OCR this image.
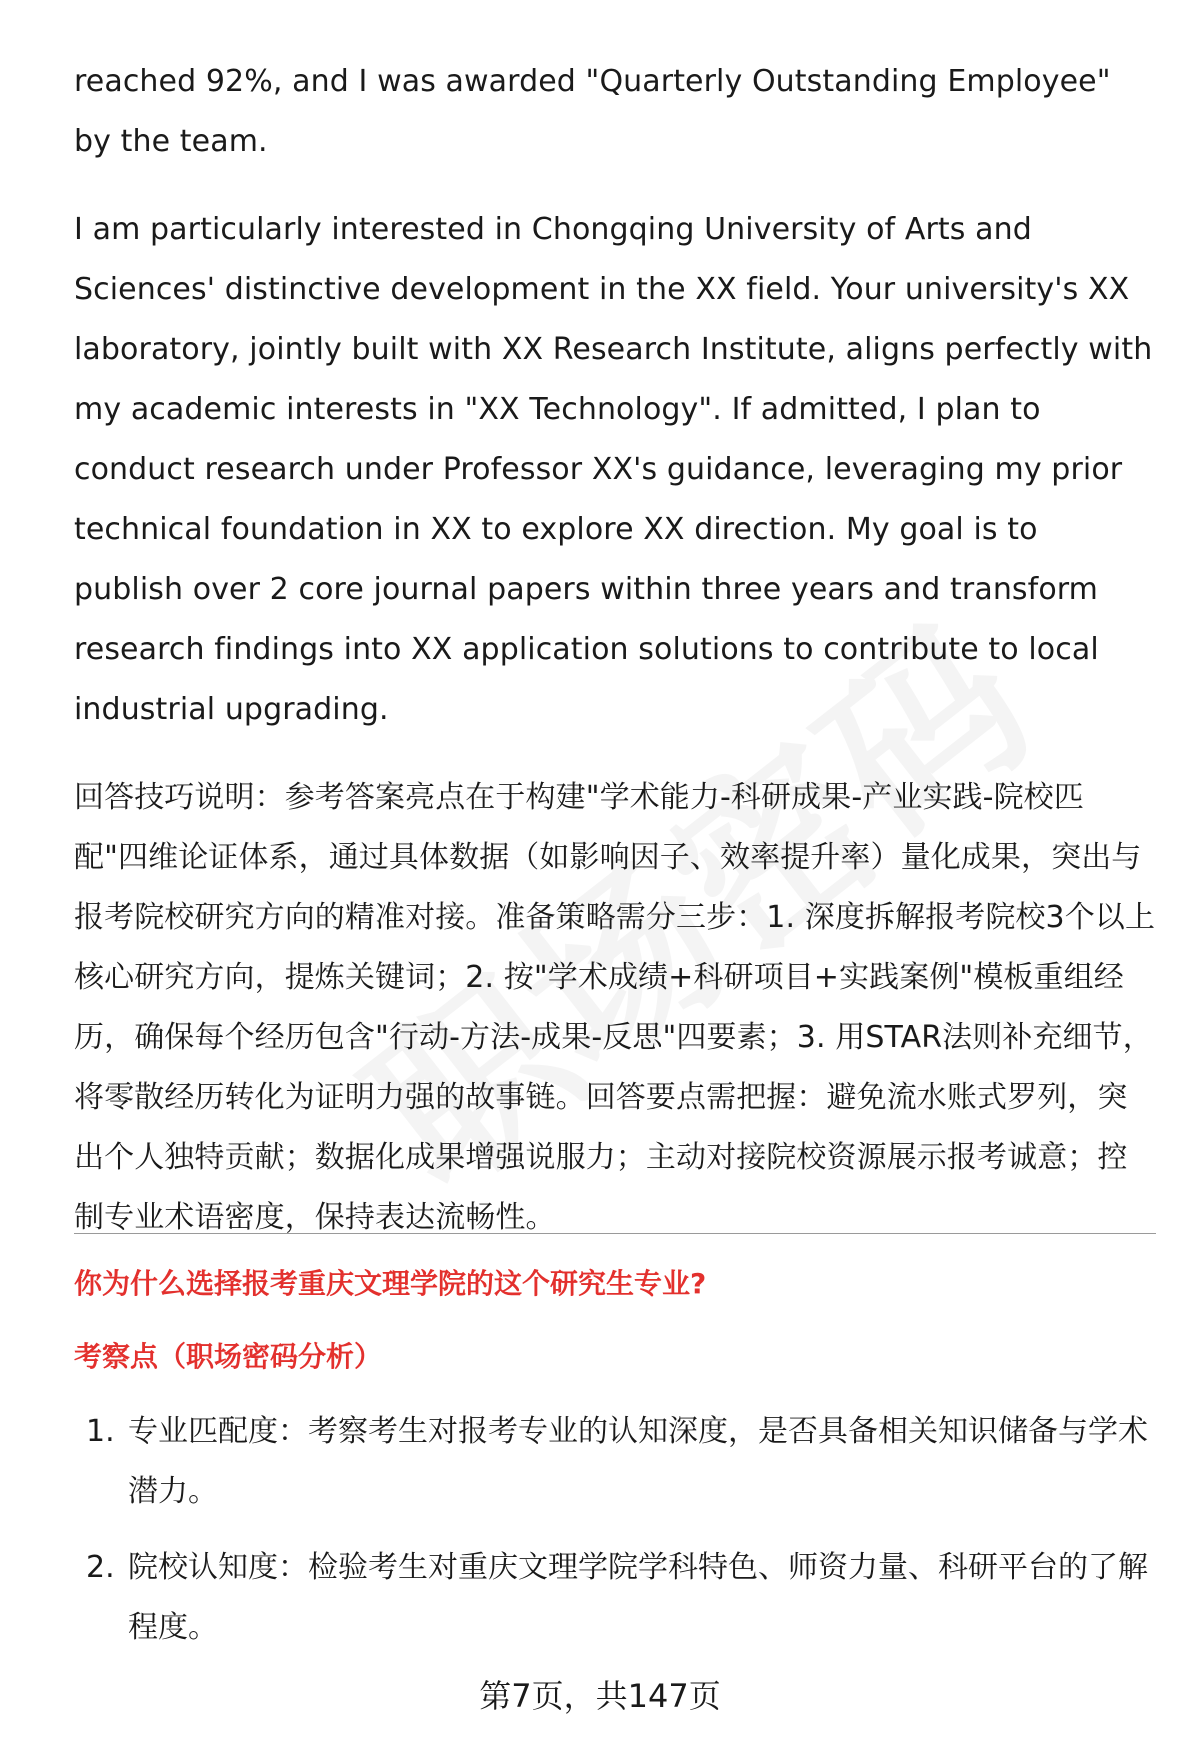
reached 92%, and I was awarded "Quarterly Outstanding Employee" by the team.

I am particularly interested in Chongqing University of Arts and Sciences' distinctive development in the XX field. Your university's XX laboratory, jointly built with XX Research Institute, aligns perfectly with my academic interests in "XX Technology". If admitted, I plan to conduct research under Professor XX's guidance, leveraging my prior technical foundation in XX to explore XX direction. My goal is to publish over 2 core journal papers within three years and transform research findings into XX application solutions to contribute to local industrial upgrading.

回答技巧说明：参考答案亮点在于构建"学术能力-科研成果-产业实践-院校匹配"四维论证体系，通过具体数据（如影响因子、效率提升率）量化成果，突出与报考院校研究方向的精准对接。准备策略需分三步：1. 深度拆解报考院校3个以上核心研究方向，提炼关键词；2. 按"学术成绩+科研项目+实践案例"模板重组经历，确保每个经历包含"行动-方法-成果-反思"四要素；3. 用STAR法则补充细节，将零散经历转化为证明力强的故事链。回答要点需把握：避免流水账式罗列，突出个人独特贡献；数据化成果增强说服力；主动对接院校资源展示报考诚意；控制专业术语密度，保持表达流畅性。

你为什么选择报考重庆文理学院的这个研究生专业?
考察点（职场密码分析）
1. 专业匹配度：考察考生对报考专业的认知深度，是否具备相关知识储备与学术潜力。
2. 院校认知度：检验考生对重庆文理学院学科特色、师资力量、科研平台的了解程度。
第7页，共147页
